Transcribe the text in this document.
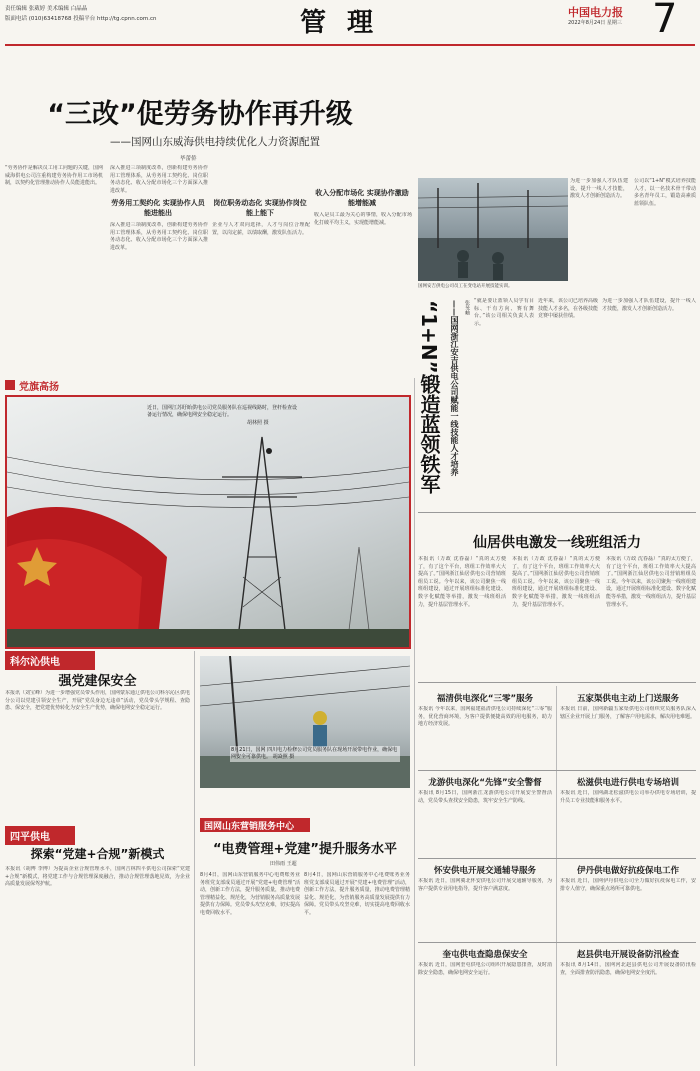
责任编辑 张葳婷 美术编辑 白晶晶
版面电话 (010)63418768 投稿平台 http://tg.cpnn.com.cn	管 理	中国电力报
2022年8月24日 星期三 7
“三改”促劳务协作再升级
——国网山东威海供电持续优化人力资源配置
毕蕾侨
“劳务协作是解决员工用工问题的关键，国网威海供电公司注重构建劳务协作用工市场机制，以契约化管理推动协作人员能进能出。
深入推进三项制度改革，创新构建劳务协作用工管理体系，从劳务用工契约化、岗位职务动态化、收入分配市场化三个方面深入推进改革。
劳务用工契约化 实现协作人员能进能出
深入推进三项制度改革，创新构建劳务协作用工管理体系，从劳务用工契约化、岗位职务动态化、收入分配市场化三个方面深入推进改革。
岗位职务动态化 实现协作岗位能上能下
企业与人才双向选择，人才与岗位合理配置，以岗定薪，以绩取酬，激发队伍活力。
收入分配市场化 实现协作激励能增能减
收入是员工最为关心的事情，收入分配市场化打破平均主义，实现能增能减。
国网安吉供电公司员工在变电站开展技能实训。
为进一步加强人才队伍建设，提升一线人才技能，激发人才创新创造活力。
公司以“1+N”模式培养技能人才，以一名技术骨干带动多名青年员工，锻造高素质蓝领队伍。
“1+N”锻造蓝领铁军	——国网浙江安吉供电公司赋能一线技能人才培养	张旻岫 “就是要让蓝领人员学有目标、干有方向、赛有舞台。”该公司相关负责人表示。
近年来，该公司已培养高级技能人才多名，在各级技能竞赛中屡获佳绩。
为进一步加强人才队伍建设，提升一线人才技能，激发人才创新创造活力。
党旗高扬
近日，国网江苏盱眙供电公司党员服务队在巡视线路时，登杆检查设备运行情况，确保电网安全稳定运行。
胡林照 摄
科尔沁供电
强党建保安全
本报讯（刘宝峰）为进一步增强党员带头作用，国网蒙东通辽供电公司科尔沁区供电分公司以党建引领安全生产，开展“党员身边无违章”活动，党员带头学规程、查隐患、保安全，把党建优势转化为安全生产优势，确保电网安全稳定运行。
四平供电
探索“党建+合规”新模式
本报讯（胡博 李博）为提高企业合规管理水平，国网吉林四平供电公司探索“党建+合规”新模式，将党建工作与合规管理深度融合，推动合规管理落地见效，为企业高质量发展保驾护航。
8月21日，国网 四川电力检修公司党员服务队在现场开展带电作业，确保电网安全可靠供电。 胡焱照 摄
国网山东营销服务中心
“电费管理+党建”提升服务水平
田伟雨 王超
8月4日，国网山东营销服务中心电费账务业务班党支部成员通过开展“党建+电费管理”活动，创新工作方法，提升服务质量，推动电费管理精益化、规范化，为营销服务高质量发展提供有力保障。党员带头攻坚克难，切实提高电费回收水平。
8月4日，国网山东营销服务中心电费账务业务班党支部成员通过开展“党建+电费管理”活动，创新工作方法，提升服务质量，推动电费管理精益化、规范化，为营销服务高质量发展提供有力保障。党员带头攻坚克难，切实提高电费回收水平。
仙居供电激发一线班组活力
本报讯（万政 沈春磊）“真的太方便了，有了这个平台，班组工作效率大大提高了。”国网浙江仙居供电公司营销班组员工说。今年以来，该公司聚焦一线班组建设，通过开展班组标准化建设、数字化赋能等举措，激发一线班组活力，提升基层管理水平。
本报讯（万政 沈春磊）“真的太方便了，有了这个平台，班组工作效率大大提高了。”国网浙江仙居供电公司营销班组员工说。今年以来，该公司聚焦一线班组建设，通过开展班组标准化建设、数字化赋能等举措，激发一线班组活力，提升基层管理水平。
本报讯（万政 沈春磊）“真的太方便了，有了这个平台，班组工作效率大大提高了。”国网浙江仙居供电公司营销班组员工说。今年以来，该公司聚焦一线班组建设，通过开展班组标准化建设、数字化赋能等举措，激发一线班组活力，提升基层管理水平。
福清供电深化“三零”服务
本报讯 今年以来，国网福建福清供电公司持续深化“三零”服务，优化营商环境，为客户提供便捷高效的用电服务，助力地方经济发展。
五家渠供电主动上门送服务
本报讯 日前，国网新疆五家渠供电公司组织党员服务队深入辖区企业开展上门服务，了解客户用电需求，解决用电难题。
龙游供电深化“先锋”安全警督
本报讯 8月15日，国网浙江龙游供电公司开展安全警督活动，党员带头查找安全隐患，筑牢安全生产防线。
松滋供电进行供电专场培训
本报讯 近日，国网湖北松滋供电公司举办供电专场培训，提升员工专业技能和服务水平。
怀安供电开展交通辅导服务
本报讯 近日，国网冀北怀安供电公司开展交通辅导服务，为客户提供专业用电指导，提升客户满意度。
伊丹供电做好抗疫保电工作
本报讯 近日，国网伊丹供电公司全力做好抗疫保电工作，安排专人值守，确保重点场所可靠供电。
奎屯供电查隐患保安全
本报讯 近日，国网奎屯供电公司组织开展隐患排查，及时消除安全隐患，确保电网安全运行。
赵县供电开展设备防汛检查
本报讯 8月14日，国网河北赵县供电公司开展设备防汛检查，全面排查防汛隐患，确保电网安全度汛。
